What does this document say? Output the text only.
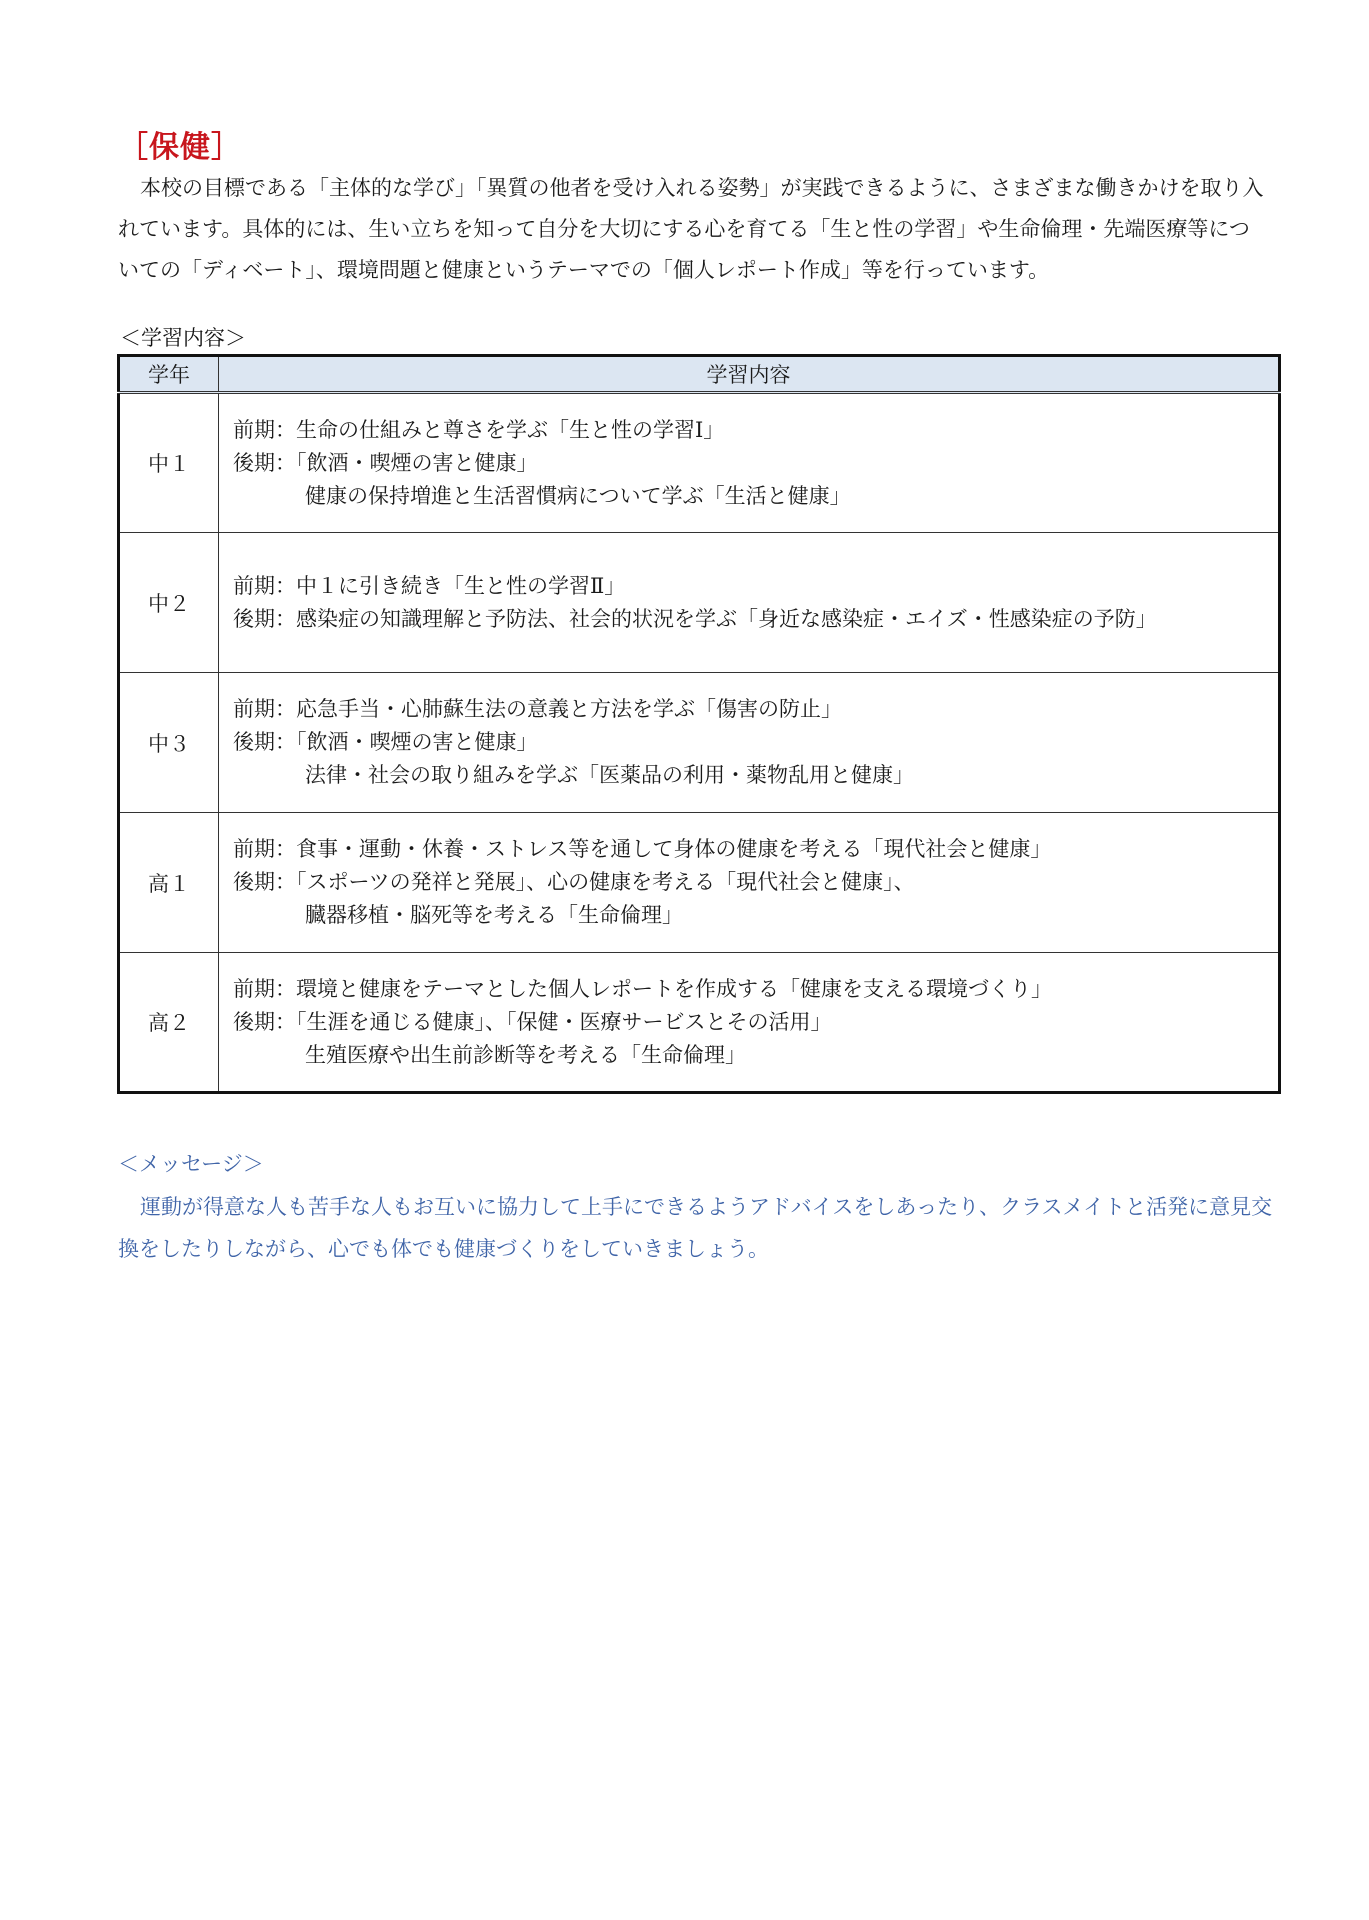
［保健］

本校の目標である「主体的な学び」「異質の他者を受け入れる姿勢」が実践できるように、さまざまな働きかけを取り入れています。具体的には、生い立ちを知って自分を大切にする心を育てる「生と性の学習」や生命倫理・先端医療等についての「ディベート」、環境問題と健康というテーマでの「個人レポート作成」等を行っています。

＜学習内容＞
学年	学習内容
中１	前期：生命の仕組みと尊さを学ぶ「生と性の学習Ⅰ」
後期：「飲酒・喫煙の害と健康」
健康の保持増進と生活習慣病について学ぶ「生活と健康」

中２	前期：中１に引き続き「生と性の学習Ⅱ」
後期：感染症の知識理解と予防法、社会的状況を学ぶ「身近な感染症・エイズ・性感染症の予防」

中３	前期：応急手当・心肺蘇生法の意義と方法を学ぶ「傷害の防止」
後期：「飲酒・喫煙の害と健康」
法律・社会の取り組みを学ぶ「医薬品の利用・薬物乱用と健康」

高１	前期：食事・運動・休養・ストレス等を通して身体の健康を考える「現代社会と健康」
後期：「スポーツの発祥と発展」、心の健康を考える「現代社会と健康」、
臓器移植・脳死等を考える「生命倫理」

高２	前期：環境と健康をテーマとした個人レポートを作成する「健康を支える環境づくり」
後期：「生涯を通じる健康」、「保健・医療サービスとその活用」
生殖医療や出生前診断等を考える「生命倫理」
＜メッセージ＞

運動が得意な人も苦手な人もお互いに協力して上手にできるようアドバイスをしあったり、クラスメイトと活発に意見交換をしたりしながら、心でも体でも健康づくりをしていきましょう。
